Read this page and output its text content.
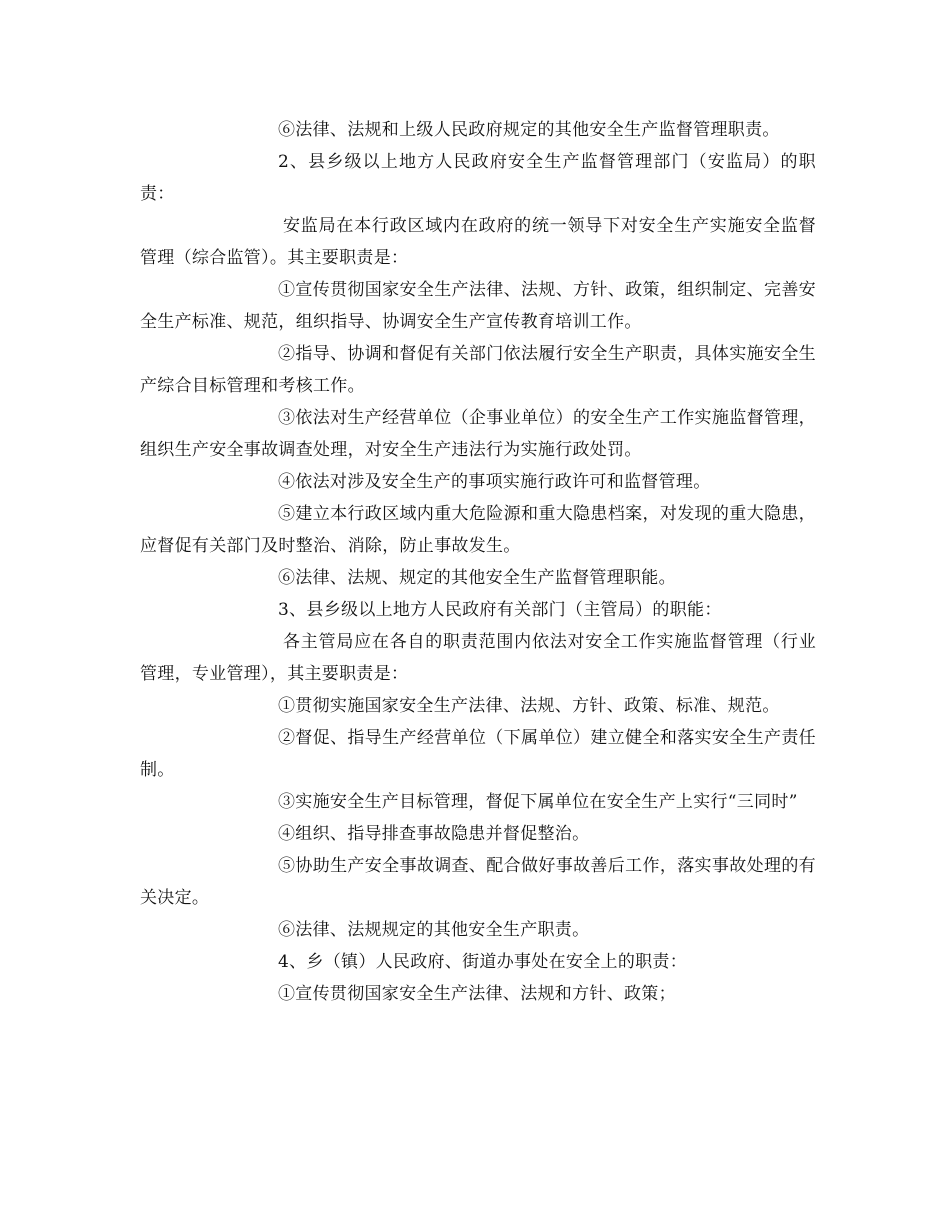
⑥法律、法规和上级人民政府规定的其他安全生产监督管理职责。

2、县乡级以上地方人民政府安全生产监督管理部门（安监局）的职责：

安监局在本行政区域内在政府的统一领导下对安全生产实施安全监督管理（综合监管）。其主要职责是：

①宣传贯彻国家安全生产法律、法规、方针、政策，组织制定、完善安全生产标准、规范，组织指导、协调安全生产宣传教育培训工作。

②指导、协调和督促有关部门依法履行安全生产职责，具体实施安全生产综合目标管理和考核工作。

③依法对生产经营单位（企事业单位）的安全生产工作实施监督管理，组织生产安全事故调查处理，对安全生产违法行为实施行政处罚。

④依法对涉及安全生产的事项实施行政许可和监督管理。

⑤建立本行政区域内重大危险源和重大隐患档案，对发现的重大隐患，应督促有关部门及时整治、消除，防止事故发生。

⑥法律、法规、规定的其他安全生产监督管理职能。

3、县乡级以上地方人民政府有关部门（主管局）的职能：

各主管局应在各自的职责范围内依法对安全工作实施监督管理（行业管理，专业管理），其主要职责是：

①贯彻实施国家安全生产法律、法规、方针、政策、标准、规范。

②督促、指导生产经营单位（下属单位）建立健全和落实安全生产责任制。

③实施安全生产目标管理，督促下属单位在安全生产上实行“三同时”

④组织、指导排查事故隐患并督促整治。

⑤协助生产安全事故调查、配合做好事故善后工作，落实事故处理的有关决定。

⑥法律、法规规定的其他安全生产职责。

4、乡（镇）人民政府、街道办事处在安全上的职责：

①宣传贯彻国家安全生产法律、法规和方针、政策；
